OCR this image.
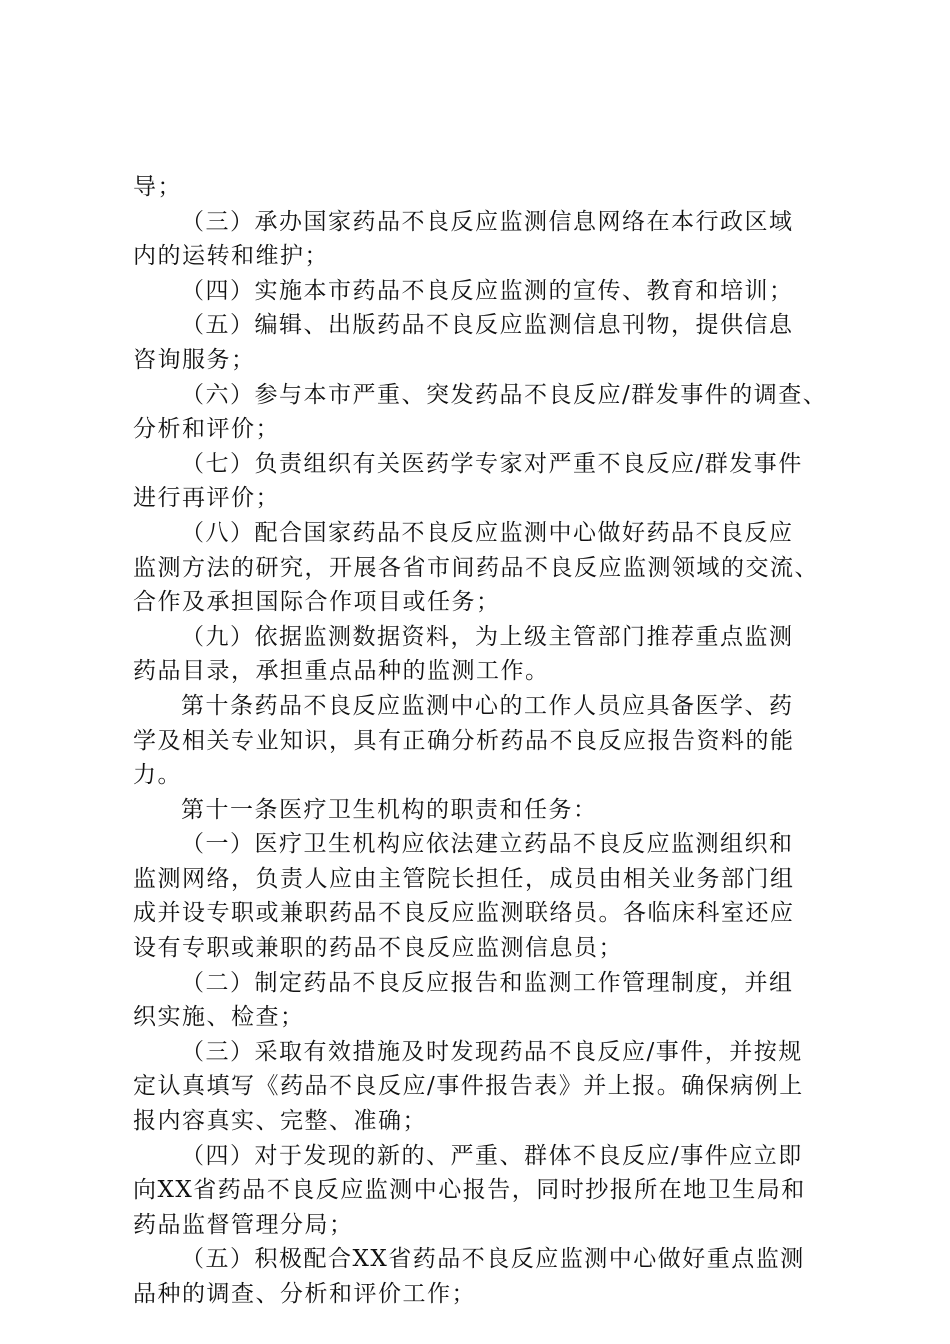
导；
（三）承办国家药品不良反应监测信息网络在本行政区域
内的运转和维护；
（四）实施本市药品不良反应监测的宣传、教育和培训；
（五）编辑、出版药品不良反应监测信息刊物，提供信息
咨询服务；
（六）参与本市严重、突发药品不良反应/群发事件的调查、
分析和评价；
（七）负责组织有关医药学专家对严重不良反应/群发事件
进行再评价；
（八）配合国家药品不良反应监测中心做好药品不良反应
监测方法的研究，开展各省市间药品不良反应监测领域的交流、
合作及承担国际合作项目或任务；
（九）依据监测数据资料，为上级主管部门推荐重点监测
药品目录，承担重点品种的监测工作。
第十条药品不良反应监测中心的工作人员应具备医学、药
学及相关专业知识，具有正确分析药品不良反应报告资料的能
力。
第十一条医疗卫生机构的职责和任务：
（一）医疗卫生机构应依法建立药品不良反应监测组织和
监测网络，负责人应由主管院长担任，成员由相关业务部门组
成并设专职或兼职药品不良反应监测联络员。各临床科室还应
设有专职或兼职的药品不良反应监测信息员；
（二）制定药品不良反应报告和监测工作管理制度，并组
织实施、检查；
（三）采取有效措施及时发现药品不良反应/事件，并按规
定认真填写《药品不良反应/事件报告表》并上报。确保病例上
报内容真实、完整、准确；
（四）对于发现的新的、严重、群体不良反应/事件应立即
向XX省药品不良反应监测中心报告，同时抄报所在地卫生局和
药品监督管理分局；
（五）积极配合XX省药品不良反应监测中心做好重点监测
品种的调查、分析和评价工作；
